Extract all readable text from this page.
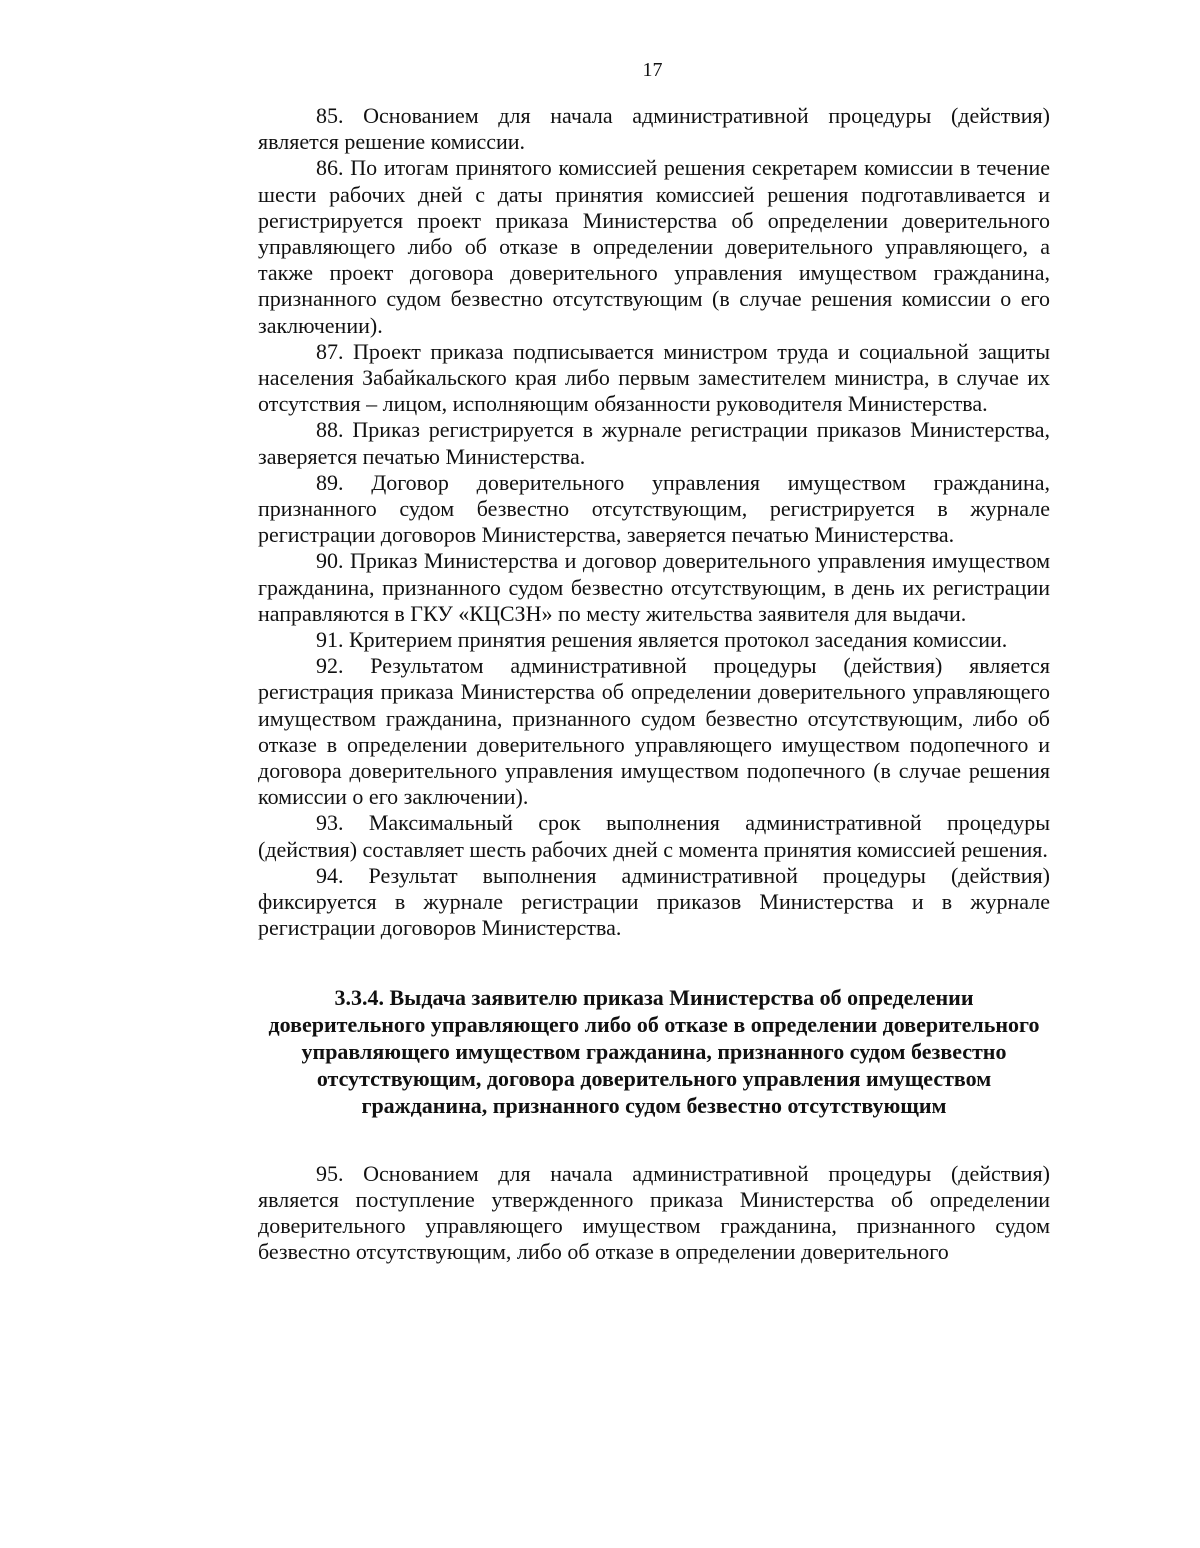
17

85. Основанием для начала административной процедуры (действия) является решение комиссии.

86. По итогам принятого комиссией решения секретарем комиссии в течение шести рабочих дней с даты принятия комиссией решения подготавливается и регистрируется проект приказа Министерства об определении доверительного управляющего либо об отказе в определении доверительного управляющего, а также проект договора доверительного управления имуществом гражданина, признанного судом безвестно отсутствующим (в случае решения комиссии о его заключении).

87. Проект приказа подписывается министром труда и социальной защиты населения Забайкальского края либо первым заместителем министра, в случае их отсутствия – лицом, исполняющим обязанности руководителя Министерства.

88. Приказ регистрируется в журнале регистрации приказов Министерства, заверяется печатью Министерства.

89. Договор доверительного управления имуществом гражданина, признанного судом безвестно отсутствующим, регистрируется в журнале регистрации договоров Министерства, заверяется печатью Министерства.

90. Приказ Министерства и договор доверительного управления имуществом гражданина, признанного судом безвестно отсутствующим, в день их регистрации направляются в ГКУ «КЦСЗН» по месту жительства заявителя для выдачи.

91. Критерием принятия решения является протокол заседания комиссии.

92. Результатом административной процедуры (действия) является регистрация приказа Министерства об определении доверительного управляющего имуществом гражданина, признанного судом безвестно отсутствующим, либо об отказе в определении доверительного управляющего имуществом подопечного и договора доверительного управления имуществом подопечного (в случае решения комиссии о его заключении).

93. Максимальный срок выполнения административной процедуры (действия) составляет шесть рабочих дней с момента принятия комиссией решения.

94. Результат выполнения административной процедуры (действия) фиксируется в журнале регистрации приказов Министерства и в журнале регистрации договоров Министерства.

3.3.4. Выдача заявителю приказа Министерства об определении доверительного управляющего либо об отказе в определении доверительного управляющего имуществом гражданина, признанного судом безвестно отсутствующим, договора доверительного управления имуществом гражданина, признанного судом безвестно отсутствующим

95. Основанием для начала административной процедуры (действия) является поступление утвержденного приказа Министерства об определении доверительного управляющего имуществом гражданина, признанного судом безвестно отсутствующим, либо об отказе в определении доверительного
